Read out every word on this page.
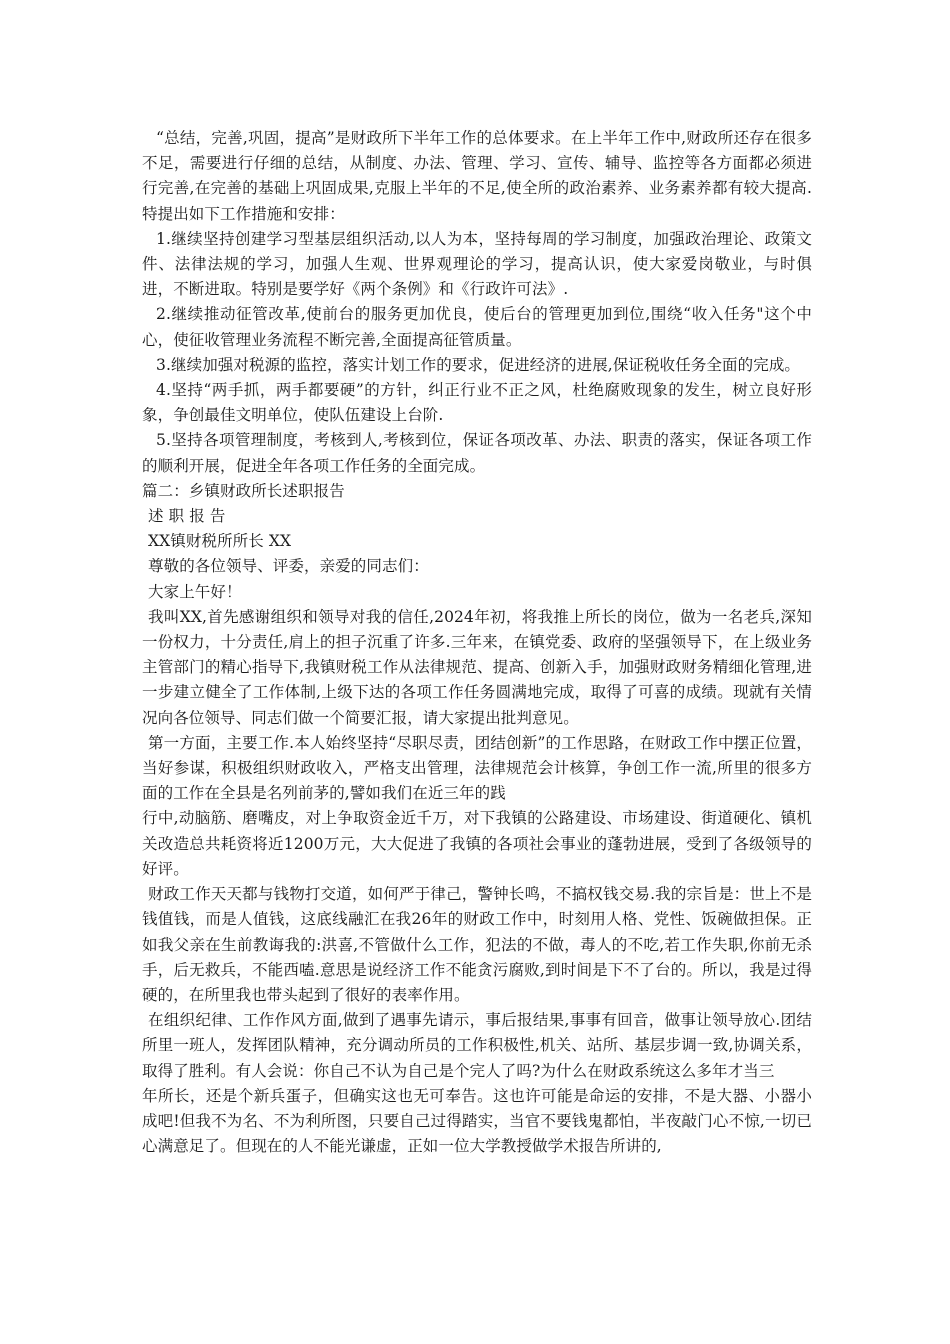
“总结，完善,巩固，提高”是财政所下半年工作的总体要求。在上半年工作中,财政所还存在很多不足，需要进行仔细的总结，从制度、办法、管理、学习、宣传、辅导、监控等各方面都必须进行完善,在完善的基础上巩固成果,克服上半年的不足,使全所的政治素养、业务素养都有较大提高.特提出如下工作措施和安排：

1.继续坚持创建学习型基层组织活动,以人为本，坚持每周的学习制度，加强政治理论、政策文件、法律法规的学习，加强人生观、世界观理论的学习，提高认识，使大家爱岗敬业，与时俱进，不断进取。特别是要学好《两个条例》和《行政许可法》.

2.继续推动征管改革,使前台的服务更加优良，使后台的管理更加到位,围绕“收入任务"这个中心，使征收管理业务流程不断完善,全面提高征管质量。

3.继续加强对税源的监控，落实计划工作的要求，促进经济的进展,保证税收任务全面的完成。

4.坚持“两手抓，两手都要硬”的方针，纠正行业不正之风，杜绝腐败现象的发生，树立良好形象，争创最佳文明单位，使队伍建设上台阶.

5.坚持各项管理制度，考核到人,考核到位，保证各项改革、办法、职责的落实，保证各项工作的顺利开展，促进全年各项工作任务的全面完成。

篇二：乡镇财政所长述职报告

述 职 报 告

XX镇财税所所长 XX

尊敬的各位领导、评委，亲爱的同志们：

大家上午好！

我叫XX,首先感谢组织和领导对我的信任,2024年初，将我推上所长的岗位，做为一名老兵,深知一份权力，十分责任,肩上的担子沉重了许多.三年来，在镇党委、政府的坚强领导下，在上级业务主管部门的精心指导下,我镇财税工作从法律规范、提高、创新入手，加强财政财务精细化管理,进一步建立健全了工作体制,上级下达的各项工作任务圆满地完成，取得了可喜的成绩。现就有关情况向各位领导、同志们做一个简要汇报，请大家提出批判意见。

第一方面，主要工作.本人始终坚持“尽职尽责，团结创新”的工作思路，在财政工作中摆正位置，当好参谋，积极组织财政收入，严格支出管理，法律规范会计核算，争创工作一流,所里的很多方面的工作在全县是名列前茅的,譬如我们在近三年的践

行中,动脑筋、磨嘴皮，对上争取资金近千万，对下我镇的公路建设、市场建设、街道硬化、镇机关改造总共耗资将近1200万元，大大促进了我镇的各项社会事业的蓬勃进展，受到了各级领导的好评。

财政工作天天都与钱物打交道，如何严于律己，警钟长鸣，不搞权钱交易.我的宗旨是：世上不是钱值钱，而是人值钱，这底线融汇在我26年的财政工作中，时刻用人格、党性、饭碗做担保。正如我父亲在生前教诲我的:洪喜,不管做什么工作，犯法的不做，毒人的不吃,若工作失职,你前无杀手，后无救兵，不能西嗑.意思是说经济工作不能贪污腐败,到时间是下不了台的。所以，我是过得硬的，在所里我也带头起到了很好的表率作用。

在组织纪律、工作作风方面,做到了遇事先请示，事后报结果,事事有回音，做事让领导放心.团结所里一班人，发挥团队精神，充分调动所员的工作积极性,机关、站所、基层步调一致,协调关系，取得了胜利。有人会说：你自己不认为自己是个完人了吗?为什么在财政系统这么多年才当三

年所长，还是个新兵蛋子，但确实这也无可奉告。这也许可能是命运的安排，不是大器、小器小成吧!但我不为名、不为利所图，只要自己过得踏实，当官不要钱鬼都怕，半夜敲门心不惊,一切已心满意足了。但现在的人不能光谦虚，正如一位大学教授做学术报告所讲的,
